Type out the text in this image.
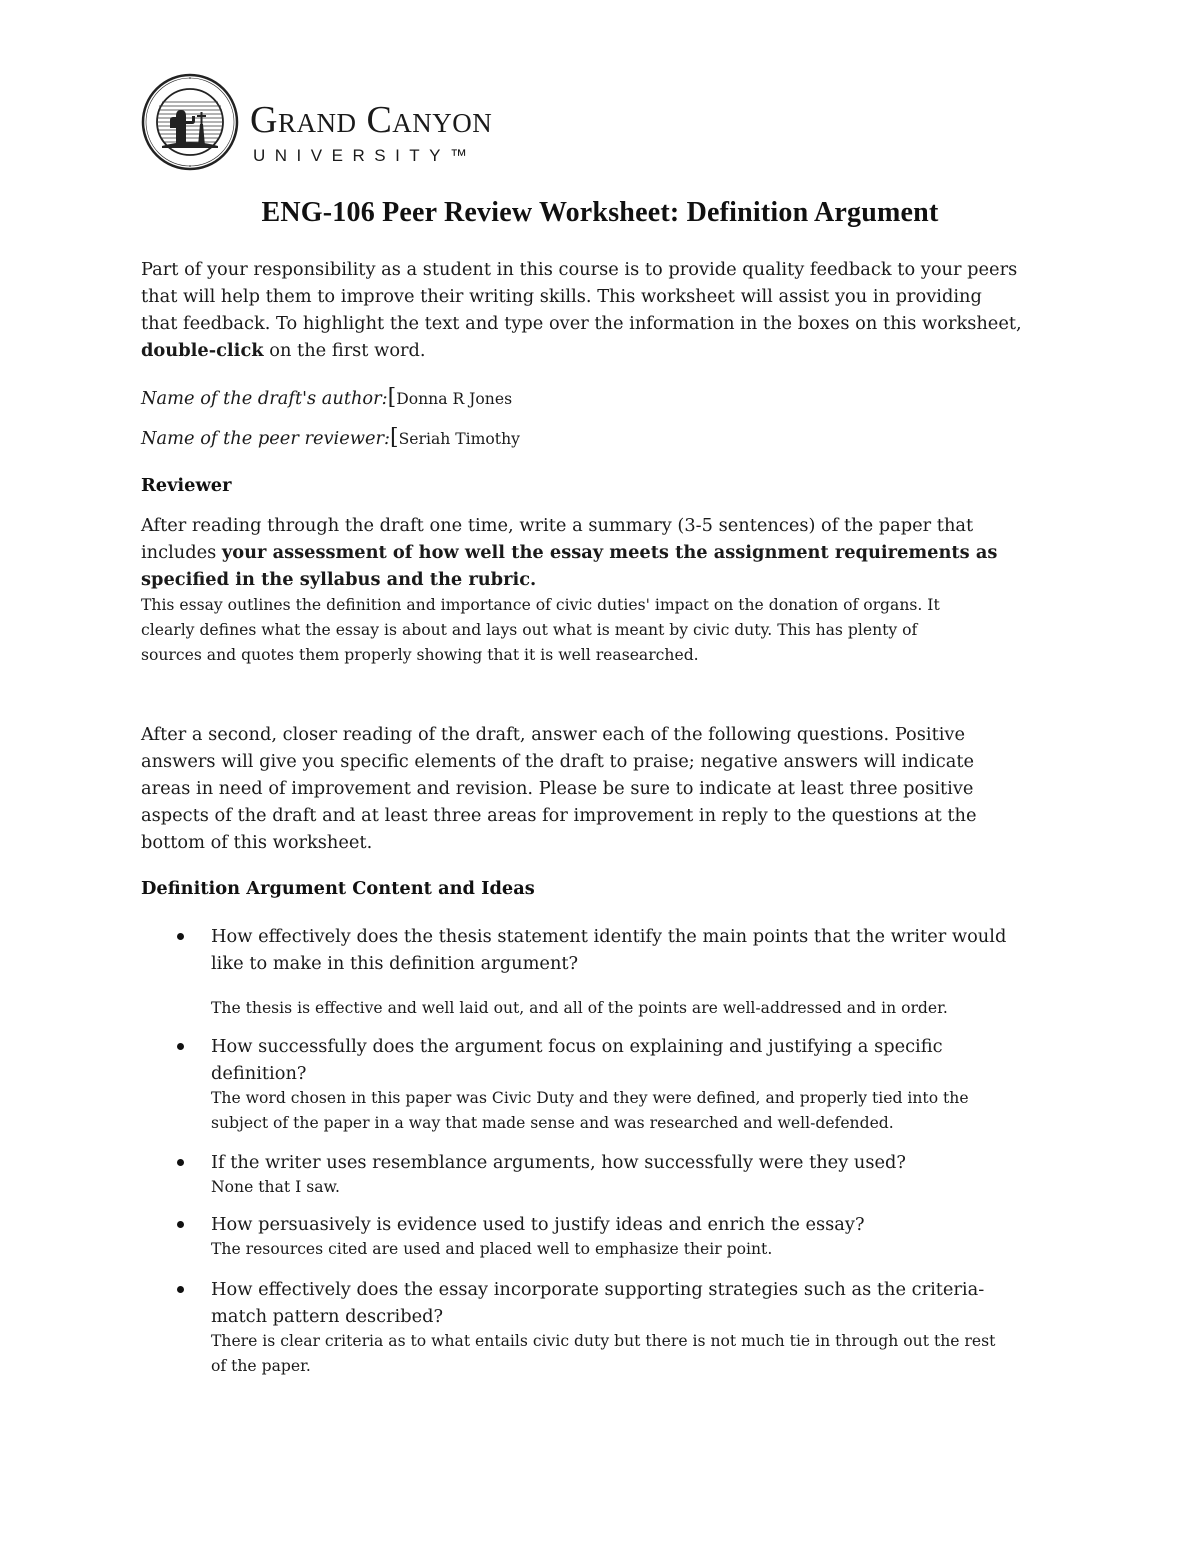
Grand Canyon
UNIVERSITY™
ENG-106 Peer Review Worksheet: Definition Argument
Part of your responsibility as a student in this course is to provide quality feedback to your peers
that will help them to improve their writing skills. This worksheet will assist you in providing
that feedback. To highlight the text and type over the information in the boxes on this worksheet,
double-click on the first word.
Name of the draft's author:[Donna R Jones
Name of the peer reviewer:[Seriah Timothy
Reviewer
After reading through the draft one time, write a summary (3-5 sentences) of the paper that
includes your assessment of how well the essay meets the assignment requirements as
specified in the syllabus and the rubric.
This essay outlines the definition and importance of civic duties' impact on the donation of organs. It
clearly defines what the essay is about and lays out what is meant by civic duty. This has plenty of
sources and quotes them properly showing that it is well reasearched.
After a second, closer reading of the draft, answer each of the following questions. Positive
answers will give you specific elements of the draft to praise; negative answers will indicate
areas in need of improvement and revision. Please be sure to indicate at least three positive
aspects of the draft and at least three areas for improvement in reply to the questions at the
bottom of this worksheet.
Definition Argument Content and Ideas
How effectively does the thesis statement identify the main points that the writer would
like to make in this definition argument?
The thesis is effective and well laid out, and all of the points are well-addressed and in order.
How successfully does the argument focus on explaining and justifying a specific
definition?
The word chosen in this paper was Civic Duty and they were defined, and properly tied into the
subject of the paper in a way that made sense and was researched and well-defended.
If the writer uses resemblance arguments, how successfully were they used?
None that I saw.
How persuasively is evidence used to justify ideas and enrich the essay?
The resources cited are used and placed well to emphasize their point.
How effectively does the essay incorporate supporting strategies such as the criteria-
match pattern described?
There is clear criteria as to what entails civic duty but there is not much tie in through out the rest
of the paper.
